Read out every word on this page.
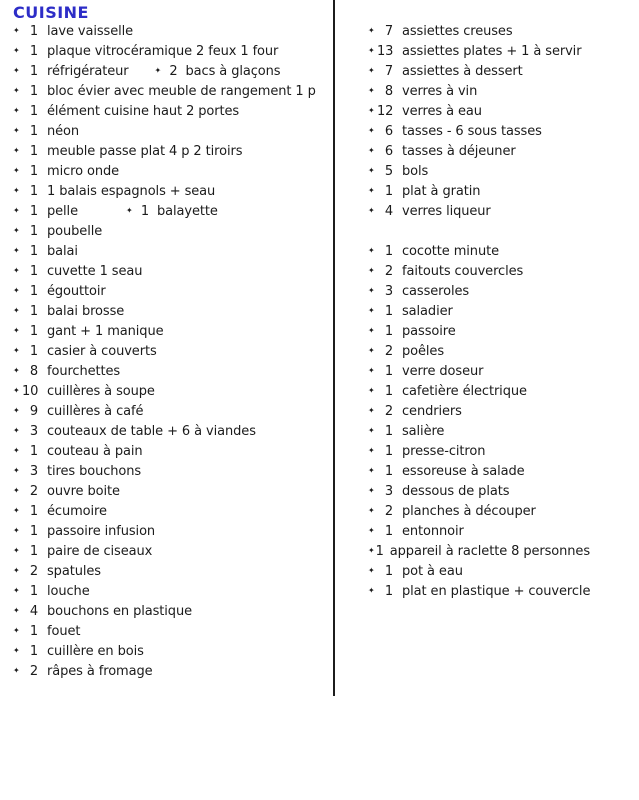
CUISINE
✦ 1 lave vaisselle
✦ 1 plaque vitrocéramique 2 feux 1 four
✦ 1 réfrigérateur	✦ 2 bacs à glaçons
✦ 1 bloc évier avec meuble de rangement 1 p
✦ 1 élément cuisine haut 2 portes
✦ 1 néon
✦ 1 meuble passe plat 4 p 2 tiroirs
✦ 1 micro onde
✦ 1 1 balais espagnols + seau
✦ 1 pelle	✦ 1 balayette
✦ 1 poubelle
✦ 1 balai
✦ 1 cuvette 1 seau
✦ 1 égouttoir
✦ 1 balai brosse
✦ 1 gant + 1 manique
✦ 1 casier à couverts
✦ 8 fourchettes
✦ 10 cuillères à soupe
✦ 9 cuillères à café
✦ 3 couteaux de table + 6 à viandes
✦ 1 couteau à pain
✦ 3 tires bouchons
✦ 2 ouvre boite
✦ 1 écumoire
✦ 1 passoire infusion
✦ 1 paire de ciseaux
✦ 2 spatules
✦ 1 louche
✦ 4 bouchons en plastique
✦ 1 fouet
✦ 1 cuillère en bois
✦ 2 râpes à fromage
✦ 7 assiettes creuses
✦ 13 assiettes plates + 1 à servir
✦ 7 assiettes à dessert
✦ 8 verres à vin
✦ 12 verres à eau
✦ 6 tasses - 6 sous tasses
✦ 6 tasses à déjeuner
✦ 5 bols
✦ 1 plat à gratin
✦ 4 verres liqueur
✦ 1 cocotte minute
✦ 2 faitouts couvercles
✦ 3 casseroles
✦ 1 saladier
✦ 1 passoire
✦ 2 poêles
✦ 1 verre doseur
✦ 1 cafetière électrique
✦ 2 cendriers
✦ 1 salière
✦ 1 presse-citron
✦ 1 essoreuse à salade
✦ 3 dessous de plats
✦ 2 planches à découper
✦ 1 entonnoir
✦ 1 appareil à raclette 8 personnes
✦ 1 pot à eau
✦ 1 plat en plastique + couvercle
